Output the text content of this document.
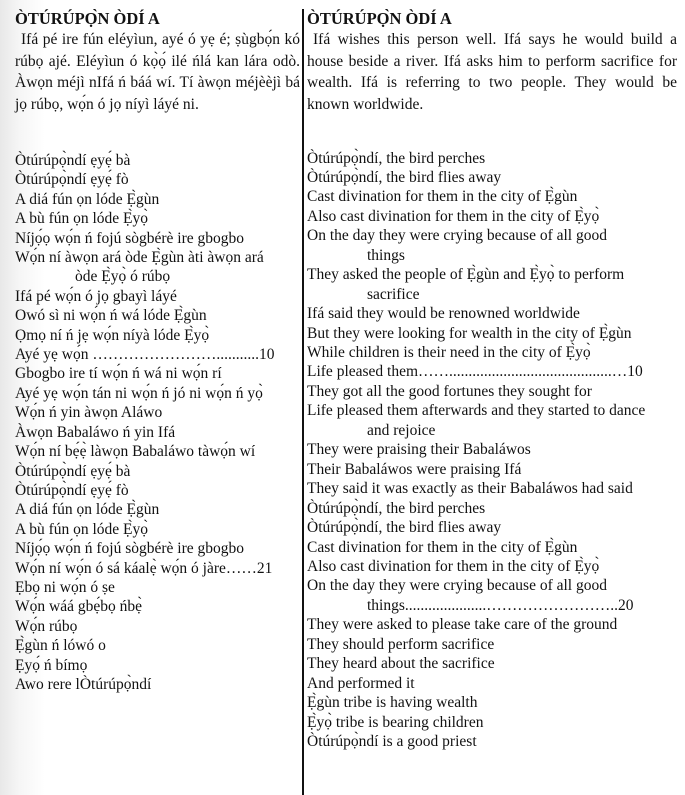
ÒTÚRÚPỌ̀N ÒDÍ A
Ifá pé ire fún eléyìun, ayé ó yẹ é; ṣùgbọ́n kó rúbọ ajé. Eléyìun ó kọ̀ọ́ ilé ńlá kan lára odò. Àwọn méjì nIfá ń báá wí. Tí àwọn méjèèjì bá jọ rúbọ, wọ́n ó jọ níyì láyé ni.
Òtúrúpọ̀ndí ẹyẹ́ bà
Òtúrúpọ̀ndí ẹyẹ́ fò
A diá fún ọn lóde Ẹ̀gùn
A bù fún ọn lóde Ẹ̀yọ̀
Níjọ́ọ wọ́n ń fojú sògbérè ire gbogbo
Wọ́n ní àwọn ará òde Ẹ̀gùn àti àwọn ará
òde Ẹ̀yọ̀ ó rúbọ
Ifá pé wọ́n ó jọ gbayì láyé
Owó sì ni wọ́n ń wá lóde Ẹ̀gùn
Ọmọ ní ń jẹ wọ́n níyà lóde Ẹ̀yọ̀
Ayé yẹ wọ́n ……………………...........10
Gbogbo ire tí wọ́n ń wá ni wọ́n rí
Ayé yẹ wọ́n tán ni wọ́n ń jó ni wọ́n ń yọ̀
Wọ́n ń yin àwọn Aláwo
Àwọn Babaláwo ń yin Ifá
Wọ́n ní bẹ́ẹ̀ làwọn Babaláwo tàwọ́n wí
Òtúrúpọ̀ndí ẹyẹ́ bà
Òtúrúpọ̀ndí ẹyẹ́ fò
A diá fún ọn lóde Ẹ̀gùn
A bù fún ọn lóde Ẹ̀yọ̀
Níjọ́ọ wọ́n ń fojú sògbérè ire gbogbo
Wọ́n ní wọ́n ó sá káalẹ̀ wọ́n ó jàre……21
Ẹbọ ni wọ́n ó ṣe
Wọ́n wáá gbẹ́bọ ńbẹ̀
Wọ́n rúbọ
Ẹ̀gùn ń lówó o
Ẹyọ́ ń bímọ
Awo rere lÒtúrúpọ̀ndí
ÒTÚRÚPỌ̀N ÒDÍ A
Ifá wishes this person well. Ifá says he would build a house beside a river. Ifá asks him to perform sacrifice for wealth. Ifá is referring to two people. They would be known worldwide.
Òtúrúpọ̀ndí, the bird perches
Òtúrúpọ̀ndí, the bird flies away
Cast divination for them in the city of Ẹ̀gùn
Also cast divination for them in the city of Ẹ̀yọ̀
On the day they were crying because of all good
things
They asked the people of Ẹ̀gùn and Ẹ̀yọ̀ to perform
sacrifice
Ifá said they would be renowned worldwide
But they were looking for wealth in the city of Ẹ̀gùn
While children is their need in the city of Ẹ̀yọ̀
Life pleased them……..........................................…10
They got all the good fortunes they sought for
Life pleased them afterwards and they started to dance
and rejoice
They were praising their Babaláwos
Their Babaláwos were praising Ifá
They said it was exactly as their Babaláwos had said
Òtúrúpọ̀ndí, the bird perches
Òtúrúpọ̀ndí, the bird flies away
Cast divination for them in the city of Ẹ̀gùn
Also cast divination for them in the city of Ẹ̀yọ̀
On the day they were crying because of all good
things.....................……………………..20
They were asked to please take care of the ground
They should perform sacrifice
They heard about the sacrifice
And performed it
Ẹ̀gùn tribe is having wealth
Ẹ̀yọ̀ tribe is bearing children
Òtúrúpọ̀ndí is a good priest
